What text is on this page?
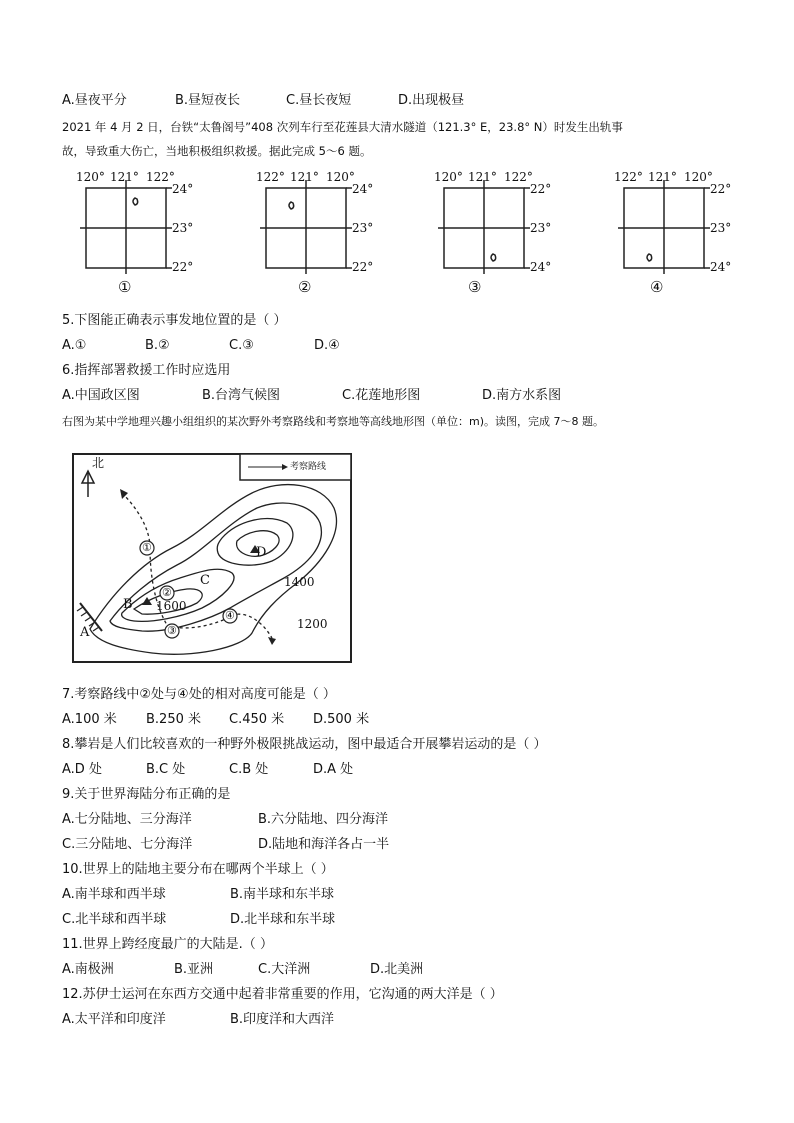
A.昼夜平分	B.昼短夜长	C.昼长夜短	D.出现极昼
2021 年 4 月 2 日，台铁“太鲁阁号”408 次列车行至花莲县大清水隧道（121.3° E，23.8° N）时发生出轨事
故，导致重大伤亡，当地积极组织救援。据此完成 5～6 题。
120° 121° 122°
24°
23°
22°
①
122° 121° 120°
24°
23°
22°
②
120° 121° 122°
22°
23°
24°
③
122° 121° 120°
22°
23°
24°
④
5.下图能正确表示事发地位置的是（ ）
A.①	B.②	C.③	D.④
6.指挥部署救援工作时应选用
A.中国政区图	B.台湾气候图	C.花莲地形图	D.南方水系图
右图为某中学地理兴趣小组组织的某次野外考察路线和考察地等高线地形图（单位：m)。读图，完成 7～8 题。
北	考察路线
A
B
C
D
①
②
③
④
1400
1200
1600
7.考察路线中②处与④处的相对高度可能是（ ）
A.100 米 B.250 米 C.450 米 D.500 米
8.攀岩是人们比较喜欢的一种野外极限挑战运动，图中最适合开展攀岩运动的是（ ）
A.D 处	B.C 处	C.B 处	D.A 处
9.关于世界海陆分布正确的是
A.七分陆地、三分海洋	B.六分陆地、四分海洋
C.三分陆地、七分海洋	D.陆地和海洋各占一半
10.世界上的陆地主要分布在哪两个半球上（ ）
A.南半球和西半球	B.南半球和东半球
C.北半球和西半球	D.北半球和东半球
11.世界上跨经度最广的大陆是.（ ）
A.南极洲	B.亚洲	C.大洋洲	D.北美洲
12.苏伊士运河在东西方交通中起着非常重要的作用，它沟通的两大洋是（ ）
A.太平洋和印度洋	B.印度洋和大西洋
